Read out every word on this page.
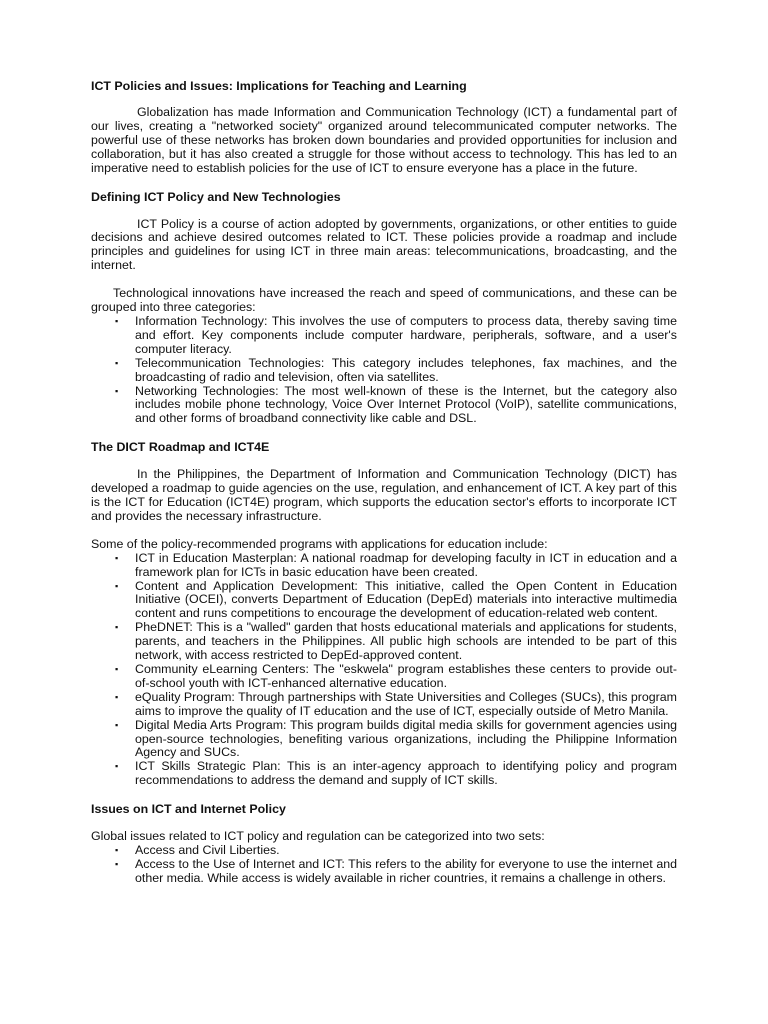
ICT Policies and Issues: Implications for Teaching and Learning

Globalization has made Information and Communication Technology (ICT) a fundamental part of our lives, creating a "networked society" organized around telecommunicated computer networks. The powerful use of these networks has broken down boundaries and provided opportunities for inclusion and collaboration, but it has also created a struggle for those without access to technology. This has led to an imperative need to establish policies for the use of ICT to ensure everyone has a place in the future.

Defining ICT Policy and New Technologies

ICT Policy is a course of action adopted by governments, organizations, or other entities to guide decisions and achieve desired outcomes related to ICT. These policies provide a roadmap and include principles and guidelines for using ICT in three main areas: telecommunications, broadcasting, and the internet.

Technological innovations have increased the reach and speed of communications, and these can be grouped into three categories:

▪ Information Technology: This involves the use of computers to process data, thereby saving time and effort. Key components include computer hardware, peripherals, software, and a user's computer literacy.
▪ Telecommunication Technologies: This category includes telephones, fax machines, and the broadcasting of radio and television, often via satellites.
▪ Networking Technologies: The most well-known of these is the Internet, but the category also includes mobile phone technology, Voice Over Internet Protocol (VoIP), satellite communications, and other forms of broadband connectivity like cable and DSL.
The DICT Roadmap and ICT4E

In the Philippines, the Department of Information and Communication Technology (DICT) has developed a roadmap to guide agencies on the use, regulation, and enhancement of ICT. A key part of this is the ICT for Education (ICT4E) program, which supports the education sector's efforts to incorporate ICT and provides the necessary infrastructure.

Some of the policy-recommended programs with applications for education include:

▪ ICT in Education Masterplan: A national roadmap for developing faculty in ICT in education and a framework plan for ICTs in basic education have been created.
▪ Content and Application Development: This initiative, called the Open Content in Education Initiative (OCEI), converts Department of Education (DepEd) materials into interactive multimedia content and runs competitions to encourage the development of education-related web content.
▪ PheDNET: This is a "walled" garden that hosts educational materials and applications for students, parents, and teachers in the Philippines. All public high schools are intended to be part of this network, with access restricted to DepEd-approved content.
▪ Community eLearning Centers: The "eskwela" program establishes these centers to provide out-of-school youth with ICT-enhanced alternative education.
▪ eQuality Program: Through partnerships with State Universities and Colleges (SUCs), this program aims to improve the quality of IT education and the use of ICT, especially outside of Metro Manila.
▪ Digital Media Arts Program: This program builds digital media skills for government agencies using open-source technologies, benefiting various organizations, including the Philippine Information Agency and SUCs.
▪ ICT Skills Strategic Plan: This is an inter-agency approach to identifying policy and program recommendations to address the demand and supply of ICT skills.
Issues on ICT and Internet Policy

Global issues related to ICT policy and regulation can be categorized into two sets:

▪ Access and Civil Liberties.
▪ Access to the Use of Internet and ICT: This refers to the ability for everyone to use the internet and other media. While access is widely available in richer countries, it remains a challenge in others.
